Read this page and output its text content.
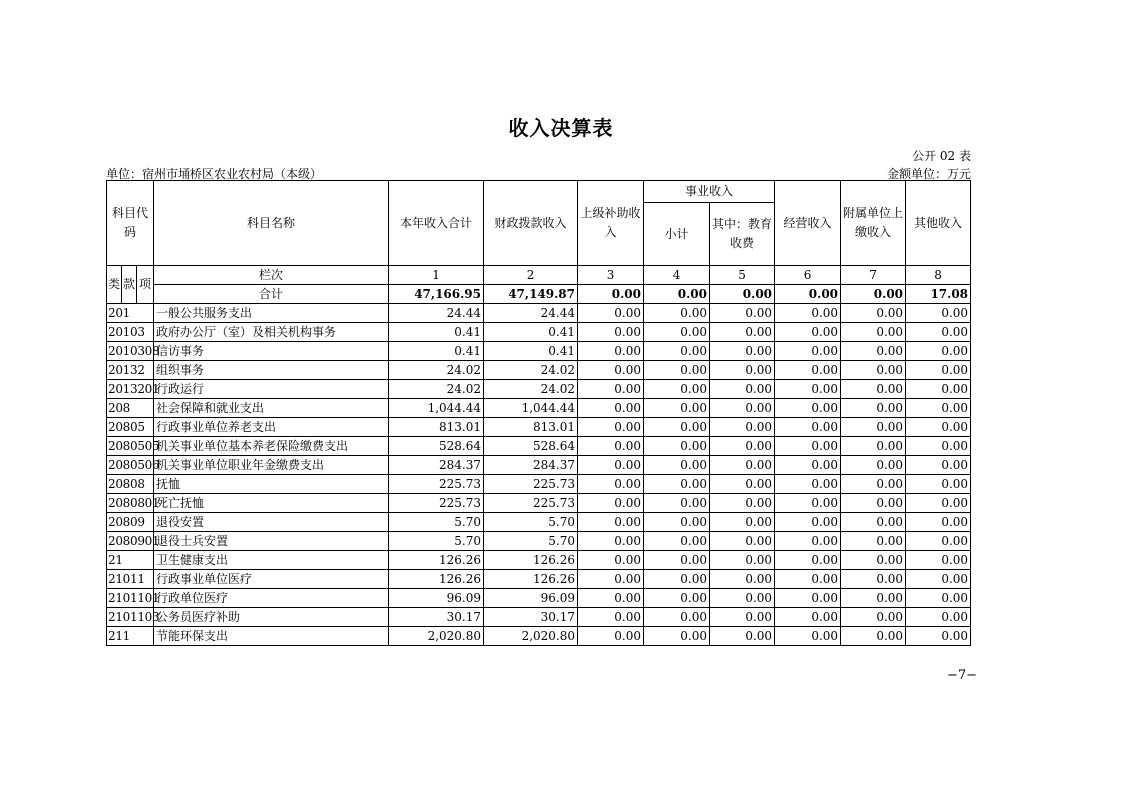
收入决算表
公开 02 表
单位：宿州市埇桥区农业农村局（本级）	金额单位：万元
科目代码			科目名称	本年收入合计	财政拨款收入	上级补助收入	事业收入		经营收入	附属单位上缴收入	其他收入
							小计	其中：教育收费			
类	款	项	栏次	1	2	3	4	5	6	7	8
			合计	47,166.95	47,149.87	0.00	0.00	0.00	0.00	0.00	17.08
201			一般公共服务支出	24.44	24.44	0.00	0.00	0.00	0.00	0.00	0.00
20103			政府办公厅（室）及相关机构事务	0.41	0.41	0.00	0.00	0.00	0.00	0.00	0.00
2010308			信访事务	0.41	0.41	0.00	0.00	0.00	0.00	0.00	0.00
20132			组织事务	24.02	24.02	0.00	0.00	0.00	0.00	0.00	0.00
2013201			行政运行	24.02	24.02	0.00	0.00	0.00	0.00	0.00	0.00
208			社会保障和就业支出	1,044.44	1,044.44	0.00	0.00	0.00	0.00	0.00	0.00
20805			行政事业单位养老支出	813.01	813.01	0.00	0.00	0.00	0.00	0.00	0.00
2080505			机关事业单位基本养老保险缴费支出	528.64	528.64	0.00	0.00	0.00	0.00	0.00	0.00
2080506			机关事业单位职业年金缴费支出	284.37	284.37	0.00	0.00	0.00	0.00	0.00	0.00
20808			抚恤	225.73	225.73	0.00	0.00	0.00	0.00	0.00	0.00
2080801			死亡抚恤	225.73	225.73	0.00	0.00	0.00	0.00	0.00	0.00
20809			退役安置	5.70	5.70	0.00	0.00	0.00	0.00	0.00	0.00
2080901			退役士兵安置	5.70	5.70	0.00	0.00	0.00	0.00	0.00	0.00
21			卫生健康支出	126.26	126.26	0.00	0.00	0.00	0.00	0.00	0.00
21011			行政事业单位医疗	126.26	126.26	0.00	0.00	0.00	0.00	0.00	0.00
2101101			行政单位医疗	96.09	96.09	0.00	0.00	0.00	0.00	0.00	0.00
2101103			公务员医疗补助	30.17	30.17	0.00	0.00	0.00	0.00	0.00	0.00
211			节能环保支出	2,020.80	2,020.80	0.00	0.00	0.00	0.00	0.00	0.00
−7−
